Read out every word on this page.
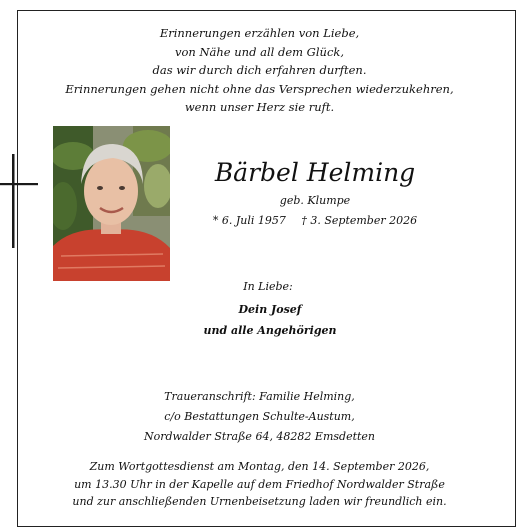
Erinnerungen erzählen von Liebe,
von Nähe und all dem Glück,
das wir durch dich erfahren durften.
Erinnerungen gehen nicht ohne das Versprechen wiederzukehren,
wenn unser Herz sie ruft.
Bärbel Helming
geb. Klumpe
* 6. Juli 1957 † 3. September 2026
In Liebe:
Dein Josef
und alle Angehörigen
Traueranschrift: Familie Helming,
c/o Bestattungen Schulte-Austum,
Nordwalder Straße 64, 48282 Emsdetten
Zum Wortgottesdienst am Montag, den 14. September 2026,
um 13.30 Uhr in der Kapelle auf dem Friedhof Nordwalder Straße
und zur anschließenden Urnenbeisetzung laden wir freundlich ein.
